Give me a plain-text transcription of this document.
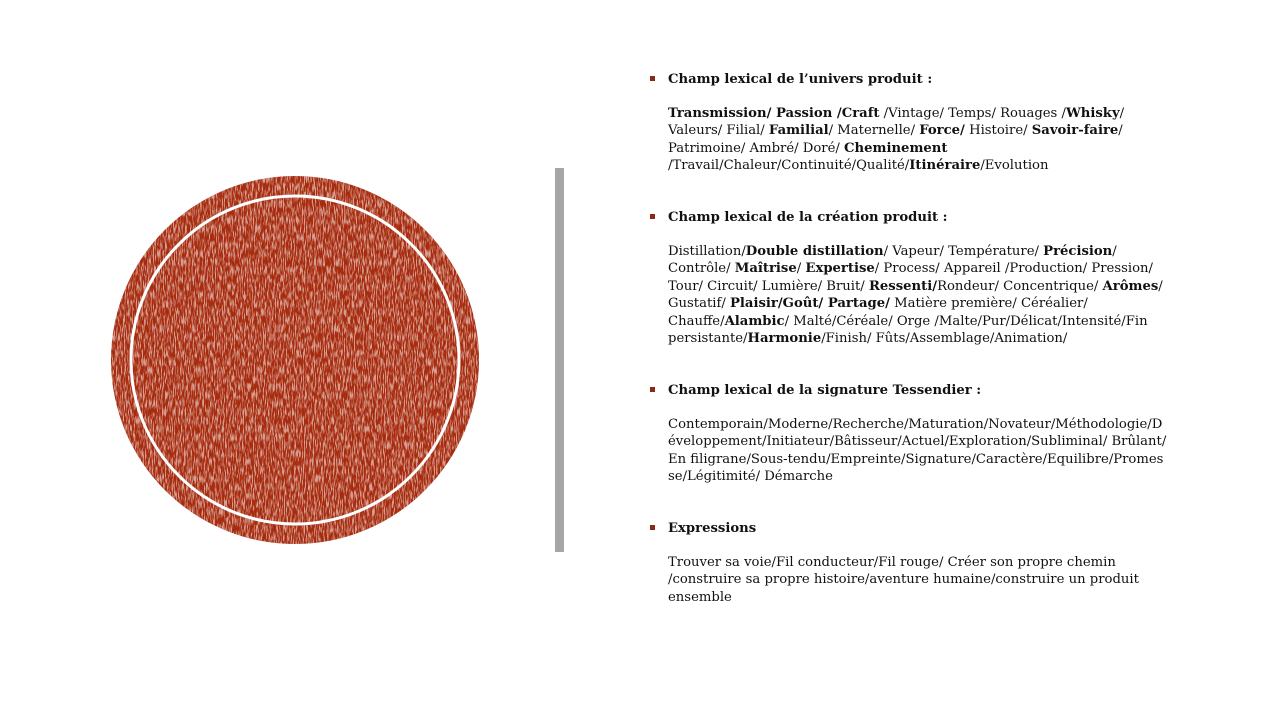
Champ lexical de l’univers produit :
Transmission/ Passion /Craft /Vintage/ Temps/ Rouages /Whisky/ Valeurs/ Filial/ Familial/ Maternelle/ Force/ Histoire/ Savoir-faire/ Patrimoine/ Ambré/ Doré/ Cheminement /Travail/Chaleur/Continuité/Qualité/Itinéraire/Evolution
Champ lexical de la création produit :
Distillation/Double distillation/ Vapeur/ Température/ Précision/ Contrôle/ Maîtrise/ Expertise/ Process/ Appareil /Production/ Pression/ Tour/ Circuit/ Lumière/ Bruit/ Ressenti/Rondeur/ Concentrique/ Arômes/ Gustatif/ Plaisir/Goût/ Partage/ Matière première/ Céréalier/ Chauffe/Alambic/ Malté/Céréale/ Orge /Malte/Pur/Délicat/Intensité/Fin persistante/Harmonie/Finish/ Fûts/Assemblage/Animation/
Champ lexical de la signature Tessendier :
Contemporain/Moderne/Recherche/Maturation/Novateur/Méthodologie/Développement/Initiateur/Bâtisseur/Actuel/Exploration/Subliminal/ Brûlant/En filigrane/Sous-tendu/Empreinte/Signature/Caractère/Equilibre/Promesse/Légitimité/ Démarche
Expressions
Trouver sa voie/Fil conducteur/Fil rouge/ Créer son propre chemin /construire sa propre histoire/aventure humaine/construire un produit ensemble
